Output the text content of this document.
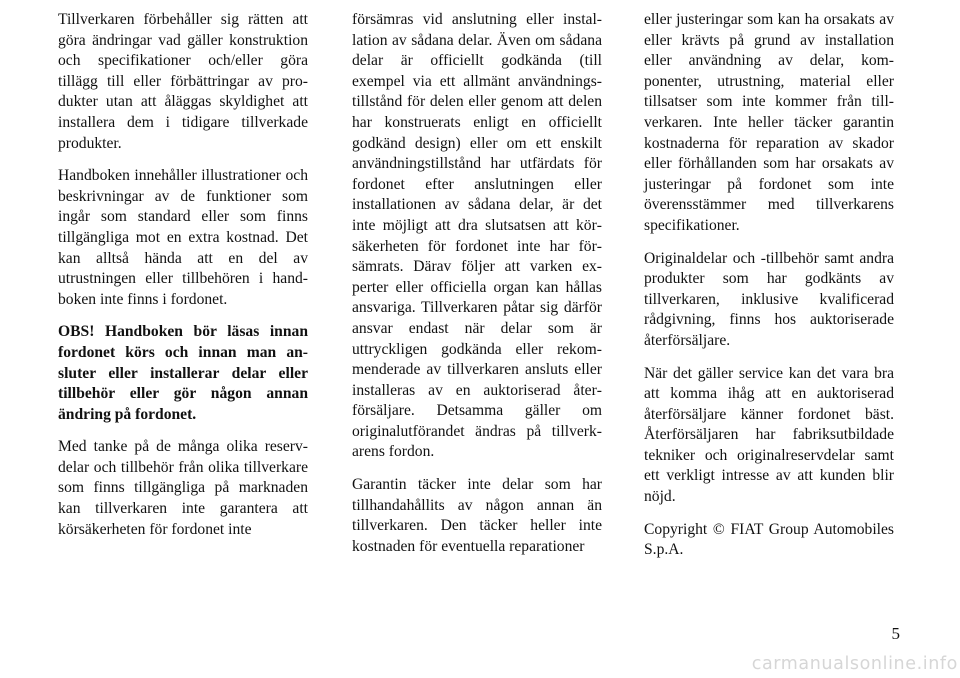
Tillverkaren förbehåller sig rätten att göra ändringar vad gäller konstruktion och specifikationer och/eller göra tillägg till eller förbättringar av produkter utan att åläggas skyldighet att installera dem i tidigare tillverkade produkter.

Handboken innehåller illustrationer och beskrivningar av de funktioner som ingår som standard eller som finns tillgängliga mot en extra kostnad. Det kan alltså hända att en del av utrustningen eller tillbehören i handboken inte finns i fordonet.

OBS! Handboken bör läsas innan fordonet körs och innan man ansluter eller installerar delar eller tillbehör eller gör någon annan ändring på fordonet.

Med tanke på de många olika reservdelar och tillbehör från olika tillverkare som finns tillgängliga på marknaden kan tillverkaren inte garantera att körsäkerheten för fordonet inte

försämras vid anslutning eller installation av sådana delar. Även om sådana delar är officiellt godkända (till exempel via ett allmänt användningstillstånd för delen eller genom att delen har konstruerats enligt en officiellt godkänd design) eller om ett enskilt användningstillstånd har utfärdats för fordonet efter anslutningen eller installationen av sådana delar, är det inte möjligt att dra slutsatsen att körsäkerheten för fordonet inte har försämrats. Därav följer att varken experter eller officiella organ kan hållas ansvariga. Tillverkaren påtar sig därför ansvar endast när delar som är uttryckligen godkända eller rekommenderade av tillverkaren ansluts eller installeras av en auktoriserad återförsäljare. Detsamma gäller om originalutförandet ändras på tillverkarens fordon.

Garantin täcker inte delar som har tillhandahållits av någon annan än tillverkaren. Den täcker heller inte kostnaden för eventuella reparationer

eller justeringar som kan ha orsakats av eller krävts på grund av installation eller användning av delar, komponenter, utrustning, material eller tillsatser som inte kommer från tillverkaren. Inte heller täcker garantin kostnaderna för reparation av skador eller förhållanden som har orsakats av justeringar på fordonet som inte överensstämmer med tillverkarens specifikationer.

Originaldelar och -tillbehör samt andra produkter som har godkänts av tillverkaren, inklusive kvalificerad rådgivning, finns hos auktoriserade återförsäljare.

När det gäller service kan det vara bra att komma ihåg att en auktoriserad återförsäljare känner fordonet bäst. Återförsäljaren har fabriksutbildade tekniker och originalreservdelar samt ett verkligt intresse av att kunden blir nöjd.

Copyright © FIAT Group Automobiles S.p.A.

5
carmanualsonline.info
